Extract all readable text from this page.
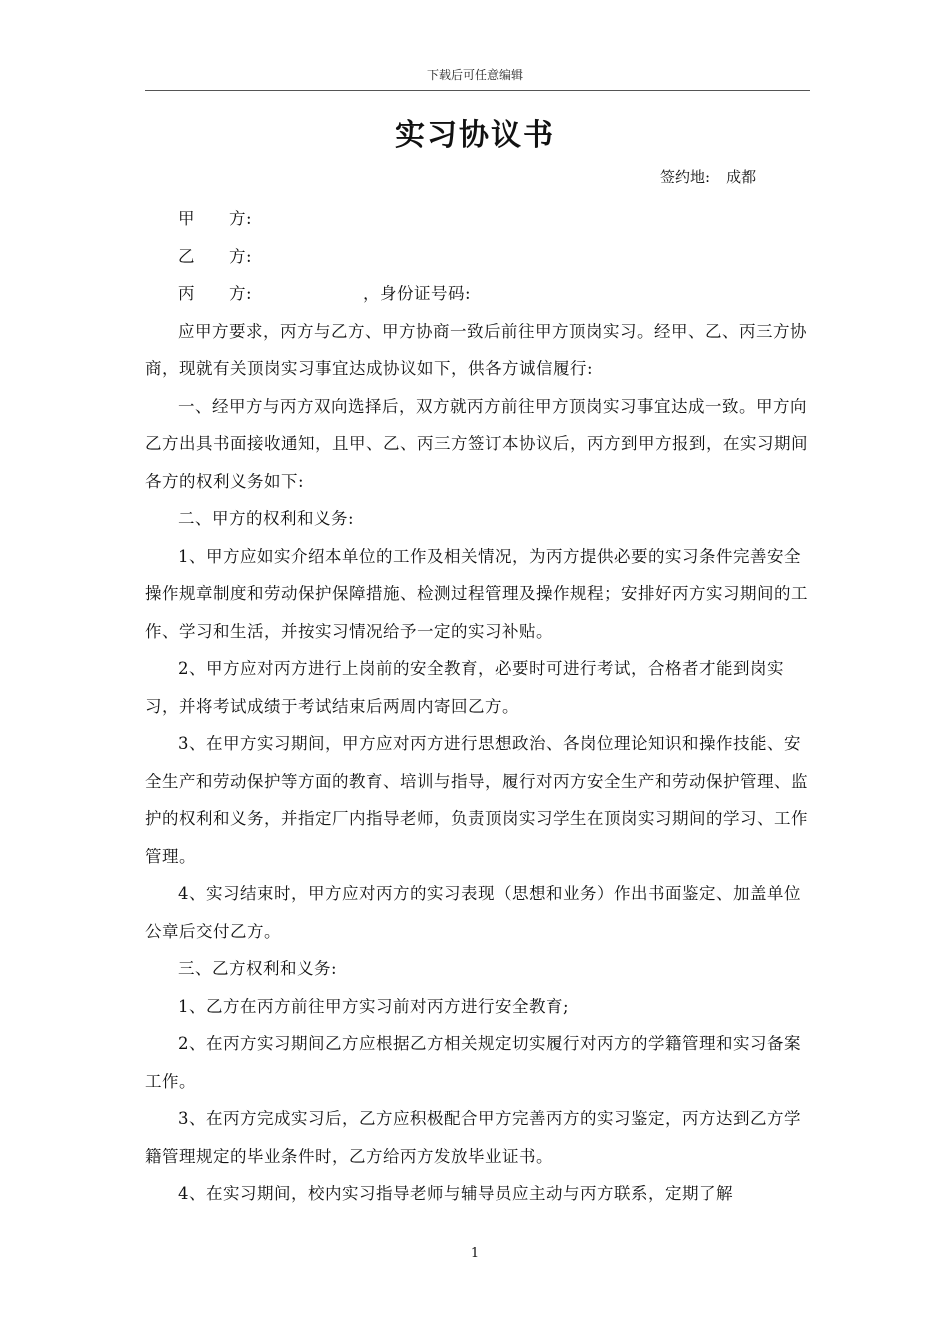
下载后可任意编辑
实习协议书
签约地: 成都
甲　　方:
乙　　方:
丙　　方:	，身份证号码:

应甲方要求，丙方与乙方、甲方协商一致后前往甲方顶岗实习。经甲、乙、丙三方协商，现就有关顶岗实习事宜达成协议如下，供各方诚信履行:

一、经甲方与丙方双向选择后，双方就丙方前往甲方顶岗实习事宜达成一致。甲方向乙方出具书面接收通知，且甲、乙、丙三方签订本协议后，丙方到甲方报到，在实习期间各方的权利义务如下:

二、甲方的权利和义务:

1、甲方应如实介绍本单位的工作及相关情况，为丙方提供必要的实习条件完善安全操作规章制度和劳动保护保障措施、检测过程管理及操作规程；安排好丙方实习期间的工作、学习和生活，并按实习情况给予一定的实习补贴。

2、甲方应对丙方进行上岗前的安全教育，必要时可进行考试，合格者才能到岗实习，并将考试成绩于考试结束后两周内寄回乙方。

3、在甲方实习期间，甲方应对丙方进行思想政治、各岗位理论知识和操作技能、安全生产和劳动保护等方面的教育、培训与指导，履行对丙方安全生产和劳动保护管理、监护的权利和义务，并指定厂内指导老师，负责顶岗实习学生在顶岗实习期间的学习、工作管理。

4、实习结束时，甲方应对丙方的实习表现（思想和业务）作出书面鉴定、加盖单位公章后交付乙方。

三、乙方权利和义务:

1、乙方在丙方前往甲方实习前对丙方进行安全教育;

2、在丙方实习期间乙方应根据乙方相关规定切实履行对丙方的学籍管理和实习备案工作。

3、在丙方完成实习后，乙方应积极配合甲方完善丙方的实习鉴定，丙方达到乙方学籍管理规定的毕业条件时，乙方给丙方发放毕业证书。

4、在实习期间，校内实习指导老师与辅导员应主动与丙方联系，定期了解

1
